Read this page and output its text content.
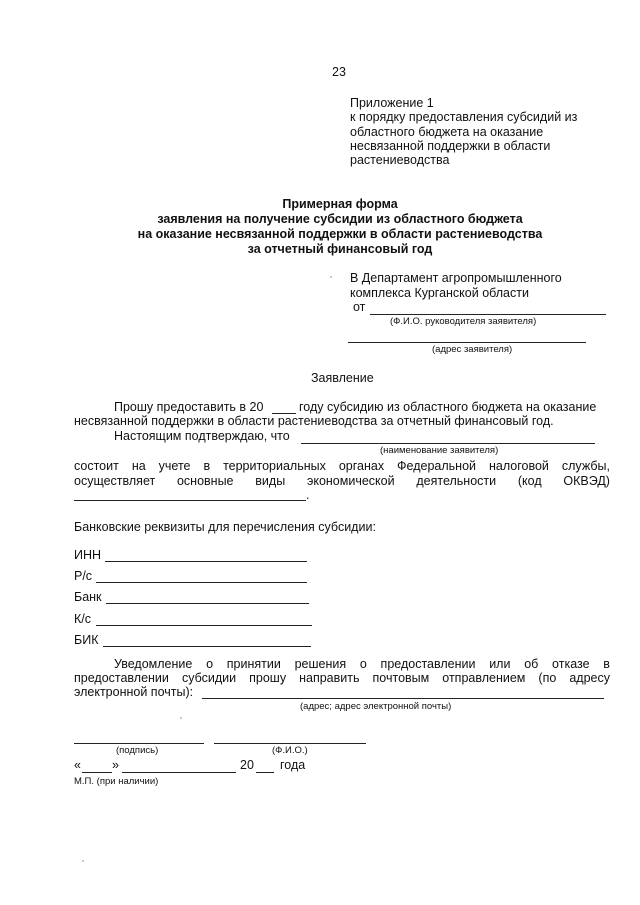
23
Приложение 1
к порядку предоставления субсидий из
областного бюджета на оказание
несвязанной поддержки в области
растениеводства
Примерная форма
заявления на получение субсидии из областного бюджета
на оказание несвязанной поддержки в области растениеводства
за отчетный финансовый год
В Департамент агропромышленного
комплекса Курганской области
от
(Ф.И.О. руководителя заявителя)
(адрес заявителя)
Заявление
Прошу предоставить в 20	году субсидию из областного бюджета на оказание
несвязанной поддержки в области растениеводства за отчетный финансовый год.
Настоящим подтверждаю, что
(наименование заявителя)
состоит на учете в территориальных органах Федеральной налоговой службы,
осуществляет основные виды экономической деятельности (код ОКВЭД)
.
Банковские реквизиты для перечисления субсидии:
ИНН
Р/с
Банк
К/с
БИК
Уведомление о принятии решения о предоставлении или об отказе в
предоставлении субсидии прошу направить почтовым отправлением (по адресу
электронной почты):
(адрес; адрес электронной почты)
(подпись)	(Ф.И.О.)
« »	20 года
М.П. (при наличии)
